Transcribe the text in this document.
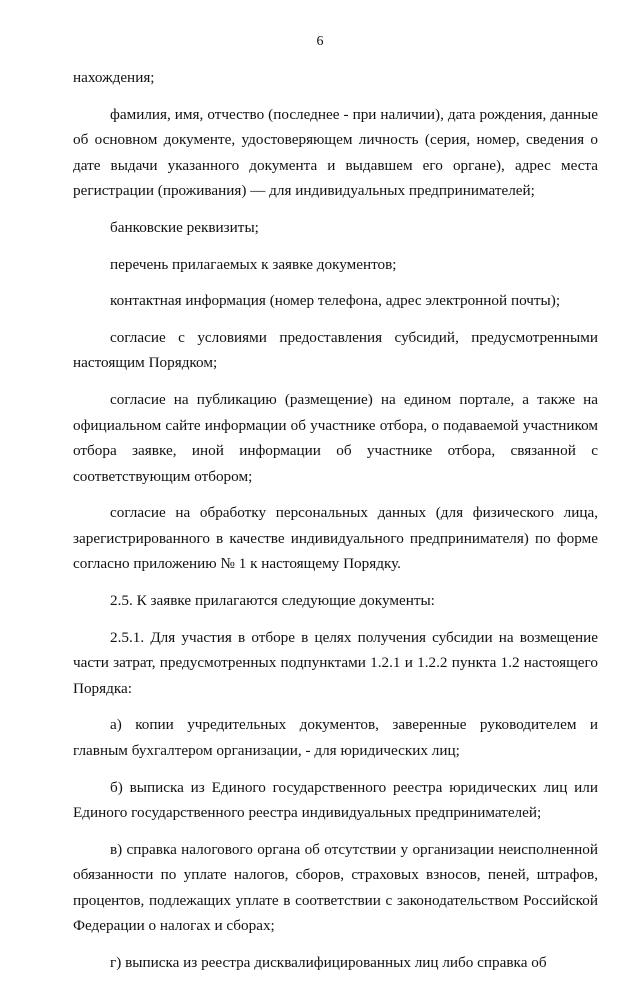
6

нахождения;

фамилия, имя, отчество (последнее - при наличии), дата рождения, данные об основном документе, удостоверяющем личность (серия, номер, сведения о дате выдачи указанного документа и выдавшем его органе), адрес места регистрации (проживания) — для индивидуальных предпринимателей;

банковские реквизиты;

перечень прилагаемых к заявке документов;

контактная информация (номер телефона, адрес электронной почты);

согласие с условиями предоставления субсидий, предусмотренными настоящим Порядком;

согласие на публикацию (размещение) на едином портале, а также на официальном сайте информации об участнике отбора, о подаваемой участником отбора заявке, иной информации об участнике отбора, связанной с соответствующим отбором;

согласие на обработку персональных данных (для физического лица, зарегистрированного в качестве индивидуального предпринимателя) по форме согласно приложению № 1 к настоящему Порядку.

2.5. К заявке прилагаются следующие документы:

2.5.1. Для участия в отборе в целях получения субсидии на возмещение части затрат, предусмотренных подпунктами 1.2.1 и 1.2.2 пункта 1.2 настоящего Порядка:

а) копии учредительных документов, заверенные руководителем и главным бухгалтером организации, - для юридических лиц;

б) выписка из Единого государственного реестра юридических лиц или Единого государственного реестра индивидуальных предпринимателей;

в) справка налогового органа об отсутствии у организации неисполненной обязанности по уплате налогов, сборов, страховых взносов, пеней, штрафов, процентов, подлежащих уплате в соответствии с законодательством Российской Федерации о налогах и сборах;

г) выписка из реестра дисквалифицированных лиц либо справка об
